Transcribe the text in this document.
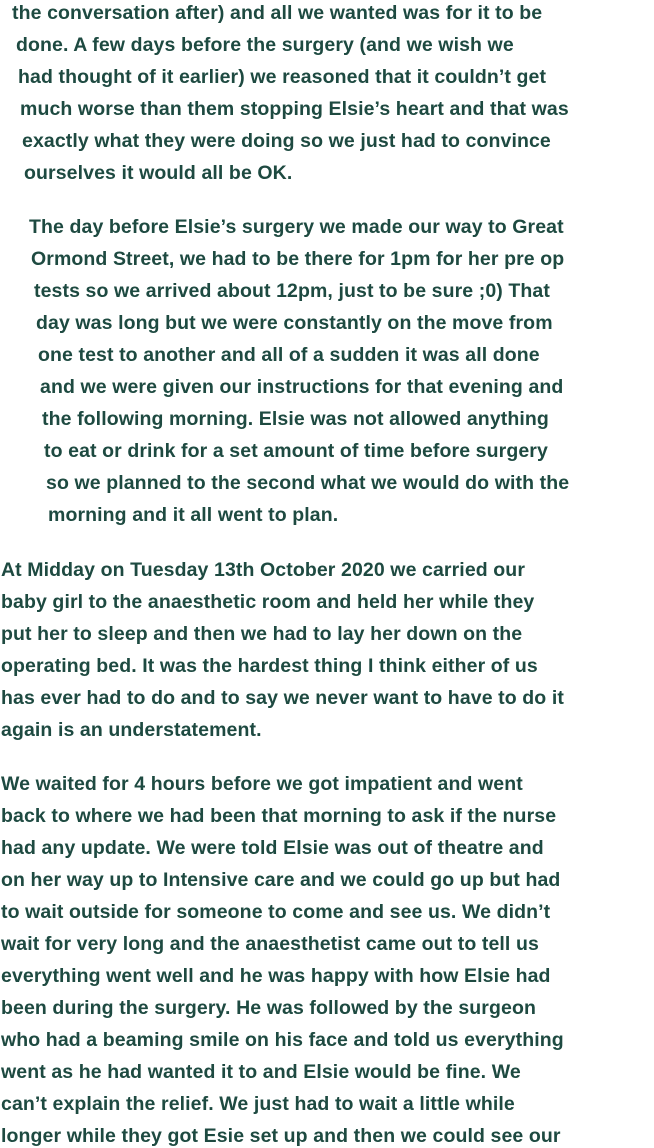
the conversation after) and all we wanted was for it to be
done. A few days before the surgery (and we wish we
had thought of it earlier) we reasoned that it couldn’t get
much worse than them stopping Elsie’s heart and that was
exactly what they were doing so we just had to convince
ourselves it would all be OK.
The day before Elsie’s surgery we made our way to Great
Ormond Street, we had to be there for 1pm for her pre op
tests so we arrived about 12pm, just to be sure ;0) That
day was long but we were constantly on the move from
one test to another and all of a sudden it was all done
and we were given our instructions for that evening and
the following morning. Elsie was not allowed anything
to eat or drink for a set amount of time before surgery
so we planned to the second what we would do with the
morning and it all went to plan.
At Midday on Tuesday 13th October 2020 we carried our
baby girl to the anaesthetic room and held her while they
put her to sleep and then we had to lay her down on the
operating bed. It was the hardest thing I think either of us
has ever had to do and to say we never want to have to do it
again is an understatement.
We waited for 4 hours before we got impatient and went
back to where we had been that morning to ask if the nurse
had any update. We were told Elsie was out of theatre and
on her way up to Intensive care and we could go up but had
to wait outside for someone to come and see us. We didn’t
wait for very long and the anaesthetist came out to tell us
everything went well and he was happy with how Elsie had
been during the surgery. He was followed by the surgeon
who had a beaming smile on his face and told us everything
went as he had wanted it to and Elsie would be fine. We
can’t explain the relief. We just had to wait a little while
longer while they got Esie set up and then we could see our
